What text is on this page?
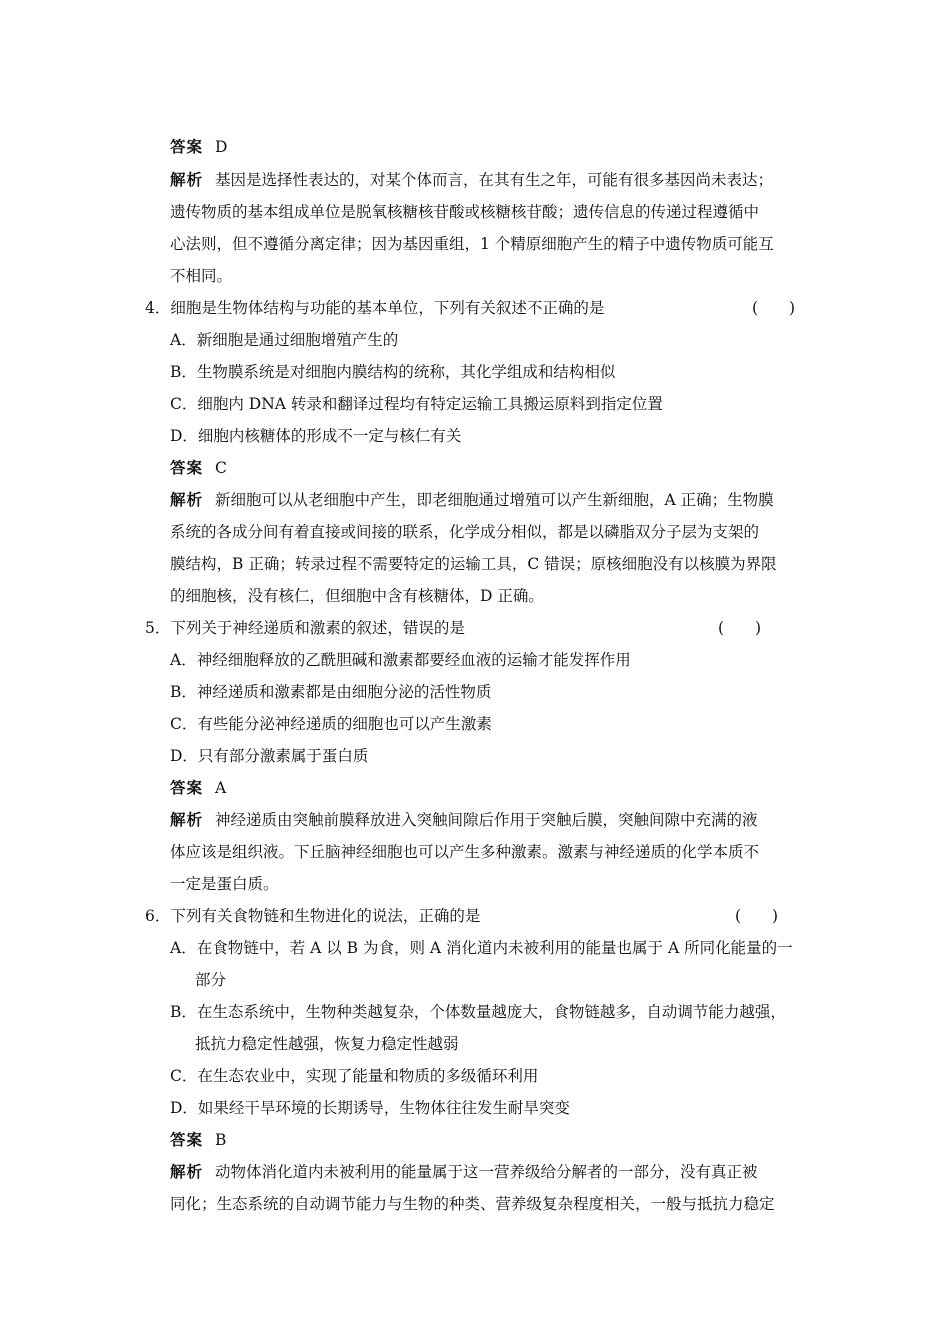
答案 D
解析 基因是选择性表达的，对某个体而言，在其有生之年，可能有很多基因尚未表达；
遗传物质的基本组成单位是脱氧核糖核苷酸或核糖核苷酸；遗传信息的传递过程遵循中
心法则，但不遵循分离定律；因为基因重组，1 个精原细胞产生的精子中遗传物质可能互
不相同。
4．细胞是生物体结构与功能的基本单位，下列有关叙述不正确的是	(　　)
A．新细胞是通过细胞增殖产生的
B．生物膜系统是对细胞内膜结构的统称，其化学组成和结构相似
C．细胞内 DNA 转录和翻译过程均有特定运输工具搬运原料到指定位置
D．细胞内核糖体的形成不一定与核仁有关
答案 C
解析 新细胞可以从老细胞中产生，即老细胞通过增殖可以产生新细胞，A 正确；生物膜
系统的各成分间有着直接或间接的联系，化学成分相似，都是以磷脂双分子层为支架的
膜结构，B 正确；转录过程不需要特定的运输工具，C 错误；原核细胞没有以核膜为界限
的细胞核，没有核仁，但细胞中含有核糖体，D 正确。
5．下列关于神经递质和激素的叙述，错误的是	(　　)
A．神经细胞释放的乙酰胆碱和激素都要经血液的运输才能发挥作用
B．神经递质和激素都是由细胞分泌的活性物质
C．有些能分泌神经递质的细胞也可以产生激素
D．只有部分激素属于蛋白质
答案 A
解析 神经递质由突触前膜释放进入突触间隙后作用于突触后膜，突触间隙中充满的液
体应该是组织液。下丘脑神经细胞也可以产生多种激素。激素与神经递质的化学本质不
一定是蛋白质。
6．下列有关食物链和生物进化的说法，正确的是	(　　)
A．在食物链中，若 A 以 B 为食，则 A 消化道内未被利用的能量也属于 A 所同化能量的一
部分
B．在生态系统中，生物种类越复杂，个体数量越庞大，食物链越多，自动调节能力越强，
抵抗力稳定性越强，恢复力稳定性越弱
C．在生态农业中，实现了能量和物质的多级循环利用
D．如果经干旱环境的长期诱导，生物体往往发生耐旱突变
答案 B
解析 动物体消化道内未被利用的能量属于这一营养级给分解者的一部分，没有真正被
同化；生态系统的自动调节能力与生物的种类、营养级复杂程度相关，一般与抵抗力稳定
